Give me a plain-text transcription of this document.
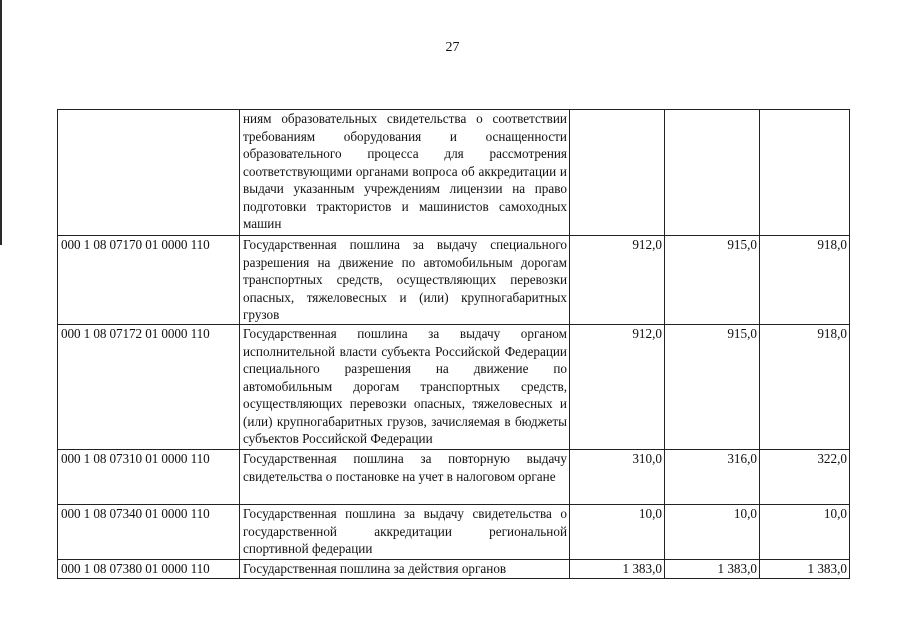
27
	ниям образовательных свидетельства о соответствии требованиям оборудования и оснащенности образовательного процесса для рассмотрения соответствующими органами вопроса об аккредитации и выдачи указанным учреждениям лицензии на право подготовки трактористов и машинистов самоходных машин			
000 1 08 07170 01 0000 110	Государственная пошлина за выдачу специального разрешения на движение по автомобильным дорогам транспортных средств, осуществляющих перевозки опасных, тяжеловесных и (или) крупногабаритных грузов	912,0	915,0	918,0
000 1 08 07172 01 0000 110	Государственная пошлина за выдачу органом исполнительной власти субъекта Российской Федерации специального разрешения на движение по автомобильным дорогам транспортных средств, осуществляющих перевозки опасных, тяжеловесных и (или) крупногабаритных грузов, зачисляемая в бюджеты субъектов Российской Федерации	912,0	915,0	918,0
000 1 08 07310 01 0000 110	Государственная пошлина за повторную выдачу свидетельства о постановке на учет в налоговом органе	310,0	316,0	322,0
000 1 08 07340 01 0000 110	Государственная пошлина за выдачу свидетельства о государственной аккредитации региональной спортивной федерации	10,0	10,0	10,0
000 1 08 07380 01 0000 110	Государственная пошлина за действия органов	1 383,0	1 383,0	1 383,0
